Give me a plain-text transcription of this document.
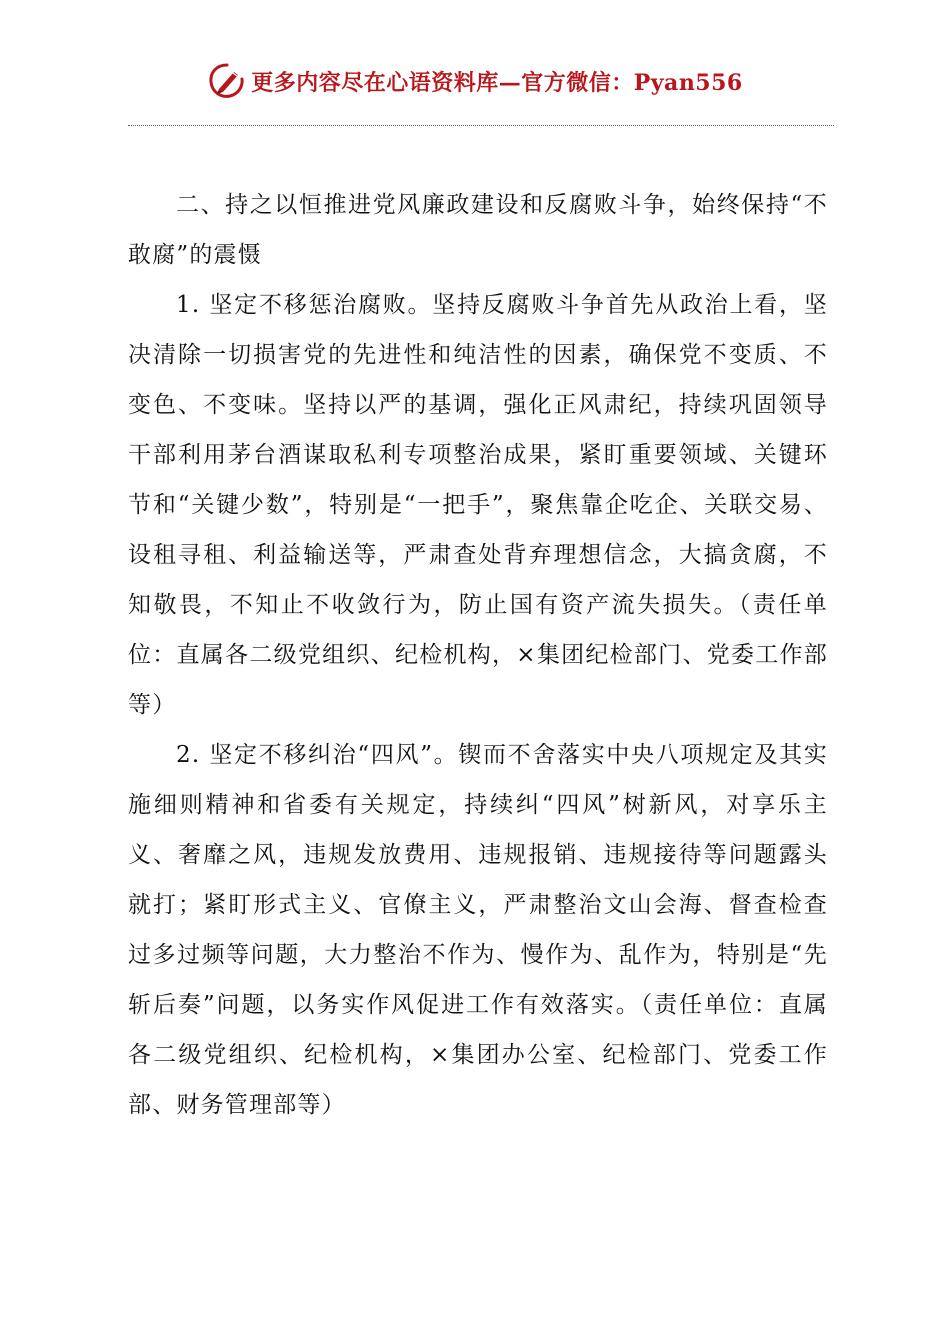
更多内容尽在心语资料库—官方微信：Pyan556

二、持之以恒推进党风廉政建设和反腐败斗争，始终保持“不敢腐”的震慑

1. 坚定不移惩治腐败。坚持反腐败斗争首先从政治上看，坚决清除一切损害党的先进性和纯洁性的因素，确保党不变质、不变色、不变味。坚持以严的基调，强化正风肃纪，持续巩固领导干部利用茅台酒谋取私利专项整治成果，紧盯重要领域、关键环节和“关键少数”，特别是“一把手”，聚焦靠企吃企、关联交易、设租寻租、利益输送等，严肃查处背弃理想信念，大搞贪腐，不知敬畏，不知止不收敛行为，防止国有资产流失损失。（责任单位：直属各二级党组织、纪检机构，×集团纪检部门、党委工作部等）

2. 坚定不移纠治“四风”。锲而不舍落实中央八项规定及其实施细则精神和省委有关规定，持续纠“四风”树新风，对享乐主义、奢靡之风，违规发放费用、违规报销、违规接待等问题露头就打；紧盯形式主义、官僚主义，严肃整治文山会海、督查检查过多过频等问题，大力整治不作为、慢作为、乱作为，特别是“先斩后奏”问题，以务实作风促进工作有效落实。（责任单位：直属各二级党组织、纪检机构，×集团办公室、纪检部门、党委工作部、财务管理部等）
